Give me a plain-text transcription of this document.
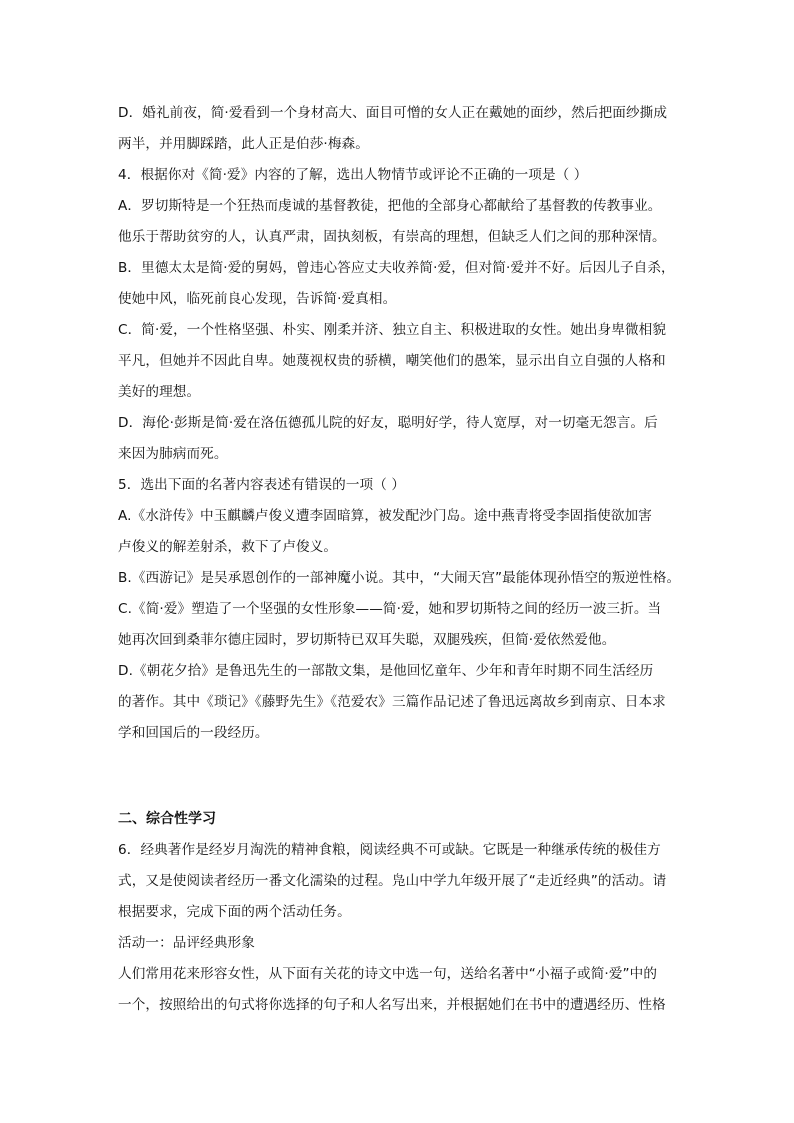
D．婚礼前夜，简·爱看到一个身材高大、面目可憎的女人正在戴她的面纱，然后把面纱撕成
两半，并用脚踩踏，此人正是伯莎·梅森。
4．根据你对《简·爱》内容的了解，选出人物情节或评论不正确的一项是（ ）
A．罗切斯特是一个狂热而虔诚的基督教徒，把他的全部身心都献给了基督教的传教事业。
他乐于帮助贫穷的人，认真严肃，固执刻板，有崇高的理想，但缺乏人们之间的那种深情。
B．里德太太是简·爱的舅妈，曾违心答应丈夫收养简·爱，但对简·爱并不好。后因儿子自杀，
使她中风，临死前良心发现，告诉简·爱真相。
C．简·爱，一个性格坚强、朴实、刚柔并济、独立自主、积极进取的女性。她出身卑微相貌
平凡，但她并不因此自卑。她蔑视权贵的骄横，嘲笑他们的愚笨，显示出自立自强的人格和
美好的理想。
D．海伦·彭斯是简·爱在洛伍德孤儿院的好友，聪明好学，待人宽厚，对一切毫无怨言。后
来因为肺病而死。
5．选出下面的名著内容表述有错误的一项（ ）
A.《水浒传》中玉麒麟卢俊义遭李固暗算，被发配沙门岛。途中燕青将受李固指使欲加害
卢俊义的解差射杀，救下了卢俊义。
B.《西游记》是吴承恩创作的一部神魔小说。其中，“大闹天宫”最能体现孙悟空的叛逆性格。
C.《简·爱》塑造了一个坚强的女性形象——简·爱，她和罗切斯特之间的经历一波三折。当
她再次回到桑菲尔德庄园时，罗切斯特已双耳失聪，双腿残疾，但简·爱依然爱他。
D.《朝花夕拾》是鲁迅先生的一部散文集，是他回忆童年、少年和青年时期不同生活经历
的著作。其中《琐记》《藤野先生》《范爱农》三篇作品记述了鲁迅远离故乡到南京、日本求
学和回国后的一段经历。
二、综合性学习
6．经典著作是经岁月淘洗的精神食粮，阅读经典不可或缺。它既是一种继承传统的极佳方
式，又是使阅读者经历一番文化濡染的过程。凫山中学九年级开展了“走近经典”的活动。请
根据要求，完成下面的两个活动任务。
活动一：品评经典形象
人们常用花来形容女性，从下面有关花的诗文中选一句，送给名著中“小福子或简·爱”中的
一个，按照给出的句式将你选择的句子和人名写出来，并根据她们在书中的遭遇经历、性格
